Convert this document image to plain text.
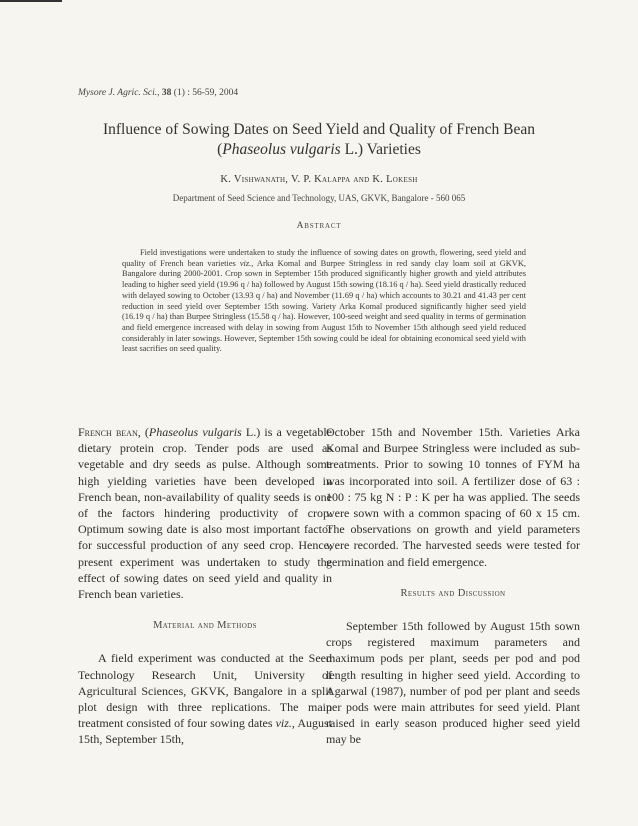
Mysore J. Agric. Sci., 38 (1) : 56-59, 2004
Influence of Sowing Dates on Seed Yield and Quality of French Bean
(Phaseolus vulgaris L.) Varieties
K. Vishwanath, V. P. Kalappa and K. Lokesh
Department of Seed Science and Technology, UAS, GKVK, Bangalore - 560 065
Abstract
Field investigations were undertaken to study the influence of sowing dates on growth, flowering, seed yield and quality of French bean varieties viz., Arka Komal and Burpee Stringless in red sandy clay loam soil at GKVK, Bangalore during 2000-2001. Crop sown in September 15th produced significantly higher growth and yield attributes leading to higher seed yield (19.96 q / ha) followed by August 15th sowing (18.16 q / ha). Seed yield drastically reduced with delayed sowing to October (13.93 q / ha) and November (11.69 q / ha) which accounts to 30.21 and 41.43 per cent reduction in seed yield over September 15th sowing. Variety Arka Komal produced significantly higher seed yield (16.19 q / ha) than Burpee Stringless (15.58 q / ha). However, 100-seed weight and seed quality in terms of germination and field emergence increased with delay in sowing from August 15th to November 15th although seed yield reduced considerably in later sowings. However, September 15th sowing could be ideal for obtaining economical seed yield with least sacrifies on seed quality.

French bean, (Phaseolus vulgaris L.) is a vegetable dietary protein crop. Tender pods are used as vegetable and dry seeds as pulse. Although some high yielding varieties have been developed in French bean, non-availability of quality seeds is one of the factors hindering productivity of crop. Optimum sowing date is also most important factor for successful production of any seed crop. Hence, present experiment was undertaken to study the effect of sowing dates on seed yield and quality in French bean varieties.

Material and Methods

A field experiment was conducted at the Seed Technology Research Unit, University of Agricultural Sciences, GKVK, Bangalore in a split plot design with three replications. The main treatment consisted of four sowing dates viz., August 15th, September 15th,

October 15th and November 15th. Varieties Arka Komal and Burpee Stringless were included as sub-treatments. Prior to sowing 10 tonnes of FYM ha was incorporated into soil. A fertilizer dose of 63 : 100 : 75 kg N : P : K per ha was applied. The seeds were sown with a common spacing of 60 x 15 cm. The observations on growth and yield parameters were recorded. The harvested seeds were tested for germination and field emergence.

Results and Discussion

September 15th followed by August 15th sown crops registered maximum parameters and maximum pods per plant, seeds per pod and pod length resulting in higher seed yield. According to Agarwal (1987), number of pod per plant and seeds per pods were main attributes for seed yield. Plant raised in early season produced higher seed yield may be
